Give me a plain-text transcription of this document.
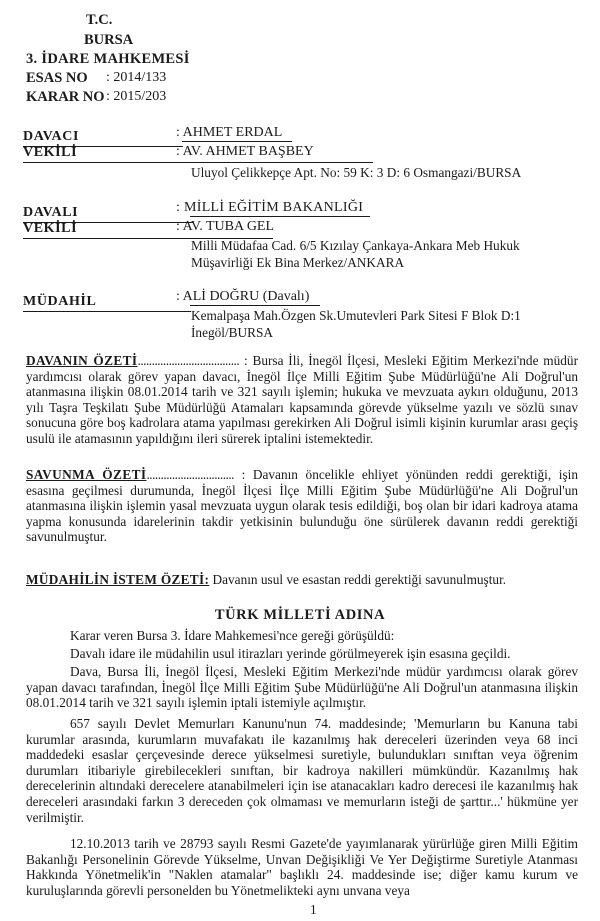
T.C.
BURSA
3. İDARE MAHKEMESİ
ESAS NO : 2014/133
KARAR NO : 2015/203
DAVACI	: AHMET ERDAL
VEKİLİ	: AV. AHMET BAŞBEY
Uluyol Çelikkepçe Apt. No: 59 K: 3 D: 6 Osmangazi/BURSA
DAVALI	: MİLLİ EĞİTİM BAKANLIĞI
VEKİLİ	: AV. TUBA GEL
Milli Müdafaa Cad. 6/5 Kızılay Çankaya-Ankara Meb Hukuk
Müşavirliği Ek Bina Merkez/ANKARA
MÜDAHİL	: ALİ DOĞRU (Davalı)
Kemalpaşa Mah.Özgen Sk.Umutevleri Park Sitesi F Blok D:1
İnegöl/BURSA
DAVANIN ÖZETİ.................................... : Bursa İli, İnegöl İlçesi, Mesleki Eğitim Merkezi'nde müdür yardımcısı olarak görev yapan davacı, İnegöl İlçe Milli Eğitim Şube Müdürlüğü'ne Ali Doğrul'un atanmasına ilişkin 08.01.2014 tarih ve 321 sayılı işlemin; hukuka ve mevzuata aykırı olduğunu, 2013 yılı Taşra Teşkilatı Şube Müdürlüğü Atamaları kapsamında görevde yükselme yazılı ve sözlü sınav sonucuna göre boş kadrolara atama yapılması gerekirken Ali Doğrul isimli kişinin kurumlar arası geçiş usulü ile atamasının yapıldığını ileri sürerek iptalini istemektedir.
SAVUNMA ÖZETİ............................... : Davanın öncelikle ehliyet yönünden reddi gerektiği, işin esasına geçilmesi durumunda, İnegöl İlçesi İlçe Milli Eğitim Şube Müdürlüğü'ne Ali Doğrul'un atanmasına ilişkin işlemin yasal mevzuata uygun olarak tesis edildiği, boş olan bir idari kadroya atama yapma konusunda idarelerinin takdir yetkisinin bulunduğu öne sürülerek davanın reddi gerektiği savunulmuştur.
MÜDAHİLİN İSTEM ÖZETİ: Davanın usul ve esastan reddi gerektiği savunulmuştur.
TÜRK MİLLETİ ADINA
Karar veren Bursa 3. İdare Mahkemesi'nce gereği görüşüldü:
Davalı idare ile müdahilin usul itirazları yerinde görülmeyerek işin esasına geçildi.
Dava, Bursa İli, İnegöl İlçesi, Mesleki Eğitim Merkezi'nde müdür yardımcısı olarak görev yapan davacı tarafından, İnegöl İlçe Milli Eğitim Şube Müdürlüğü'ne Ali Doğrul'un atanmasına ilişkin 08.01.2014 tarih ve 321 sayılı işlemin iptali istemiyle açılmıştır.
657 sayılı Devlet Memurları Kanunu'nun 74. maddesinde; 'Memurların bu Kanuna tabi kurumlar arasında, kurumların muvafakatı ile kazanılmış hak dereceleri üzerinden veya 68 inci maddedeki esaslar çerçevesinde derece yükselmesi suretiyle, bulundukları sınıftan veya öğrenim durumları itibariyle girebilecekleri sınıftan, bir kadroya nakilleri mümkündür. Kazanılmış hak derecelerinin altındaki derecelere atanabilmeleri için ise atanacakları kadro derecesi ile kazanılmış hak dereceleri arasındaki farkın 3 dereceden çok olmaması ve memurların isteği de şarttır...' hükmüne yer verilmiştir.
12.10.2013 tarih ve 28793 sayılı Resmi Gazete'de yayımlanarak yürürlüğe giren Milli Eğitim Bakanlığı Personelinin Görevde Yükselme, Unvan Değişikliği Ve Yer Değiştirme Suretiyle Atanması Hakkında Yönetmelik'in "Naklen atamalar" başlıklı 24. maddesinde ise; diğer kamu kurum ve kuruluşlarında görevli personelden bu Yönetmelikteki aynı unvana veya
1
